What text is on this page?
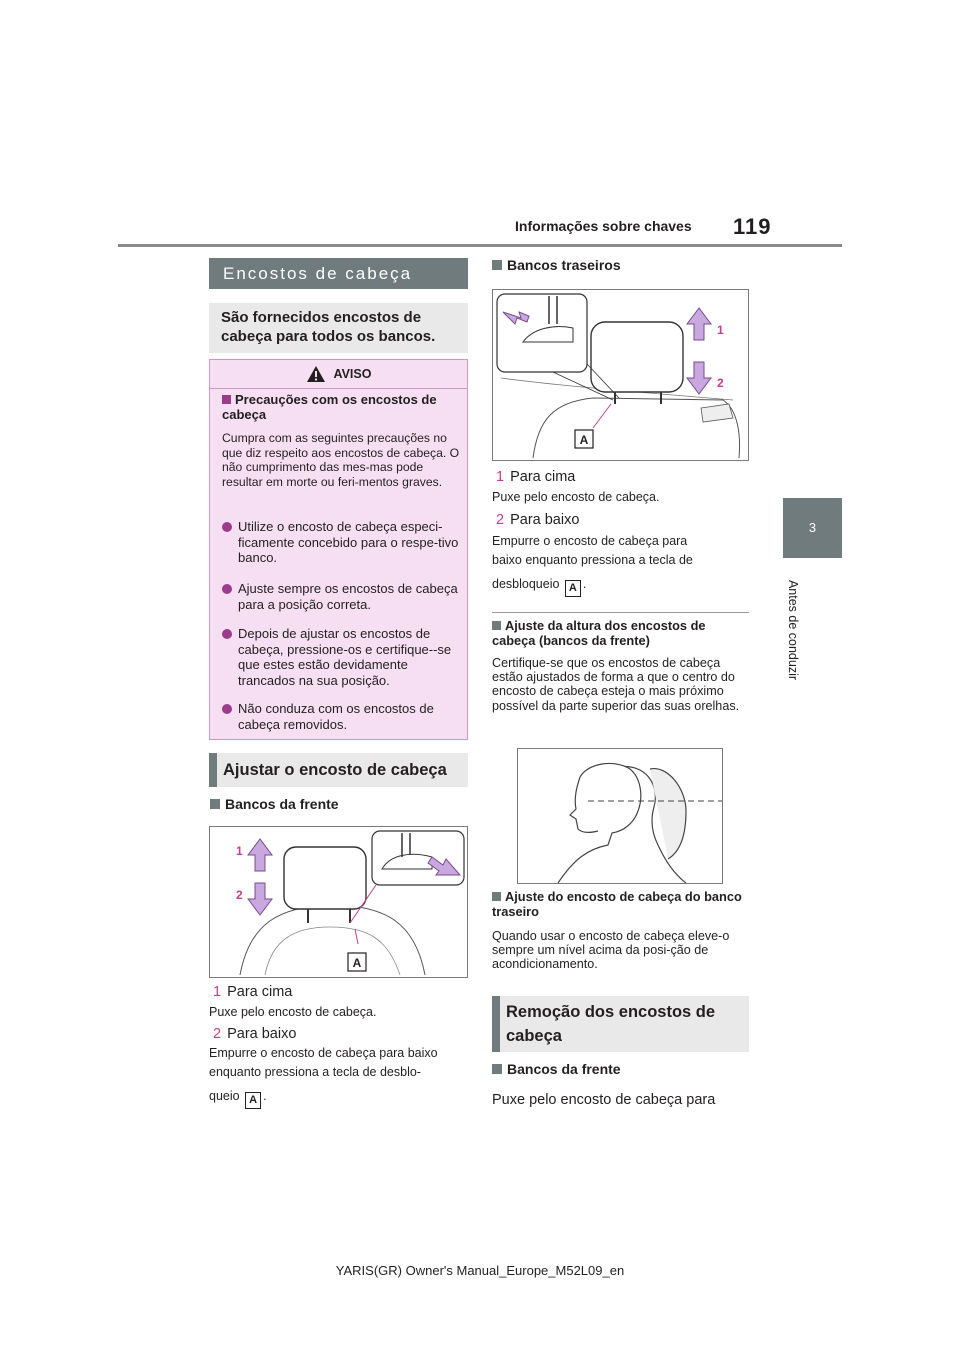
Informações sobre chaves 119
3
Antes de conduzir
Encostos de cabeça
São fornecidos encostos de cabeça para todos os bancos.
AVISO
Precauções com os encostos de cabeça
Cumpra com as seguintes precauções no que diz respeito aos encostos de cabeça. O não cumprimento das mes-mas pode resultar em morte ou feri-mentos graves.
Utilize o encosto de cabeça especi-ficamente concebido para o respe-tivo banco.
Ajuste sempre os encostos de cabeça para a posição correta.
Depois de ajustar os encostos de cabeça, pressione-os e certifique--se que estes estão devidamente trancados na sua posição.
Não conduza com os encostos de cabeça removidos.
Ajustar o encosto de cabeça
Bancos da frente
1
2
A
1 Para cima
Puxe pelo encosto de cabeça.
2 Para baixo
Empurre o encosto de cabeça para baixo
enquanto pressiona a tecla de desblo-
queio A .
Bancos traseiros
1
2
A
1 Para cima
Puxe pelo encosto de cabeça.
2 Para baixo
Empurre o encosto de cabeça para
baixo enquanto pressiona a tecla de
desbloqueio A .
Ajuste da altura dos encostos de cabeça (bancos da frente)
Certifique-se que os encostos de cabeça estão ajustados de forma a que o centro do encosto de cabeça esteja o mais próximo possível da parte superior das suas orelhas.
Ajuste do encosto de cabeça do banco traseiro
Quando usar o encosto de cabeça eleve-o sempre um nível acima da posi-ção de acondicionamento.
Remoção dos encostos de cabeça
Bancos da frente
Puxe pelo encosto de cabeça para
YARIS(GR) Owner's Manual_Europe_M52L09_en
